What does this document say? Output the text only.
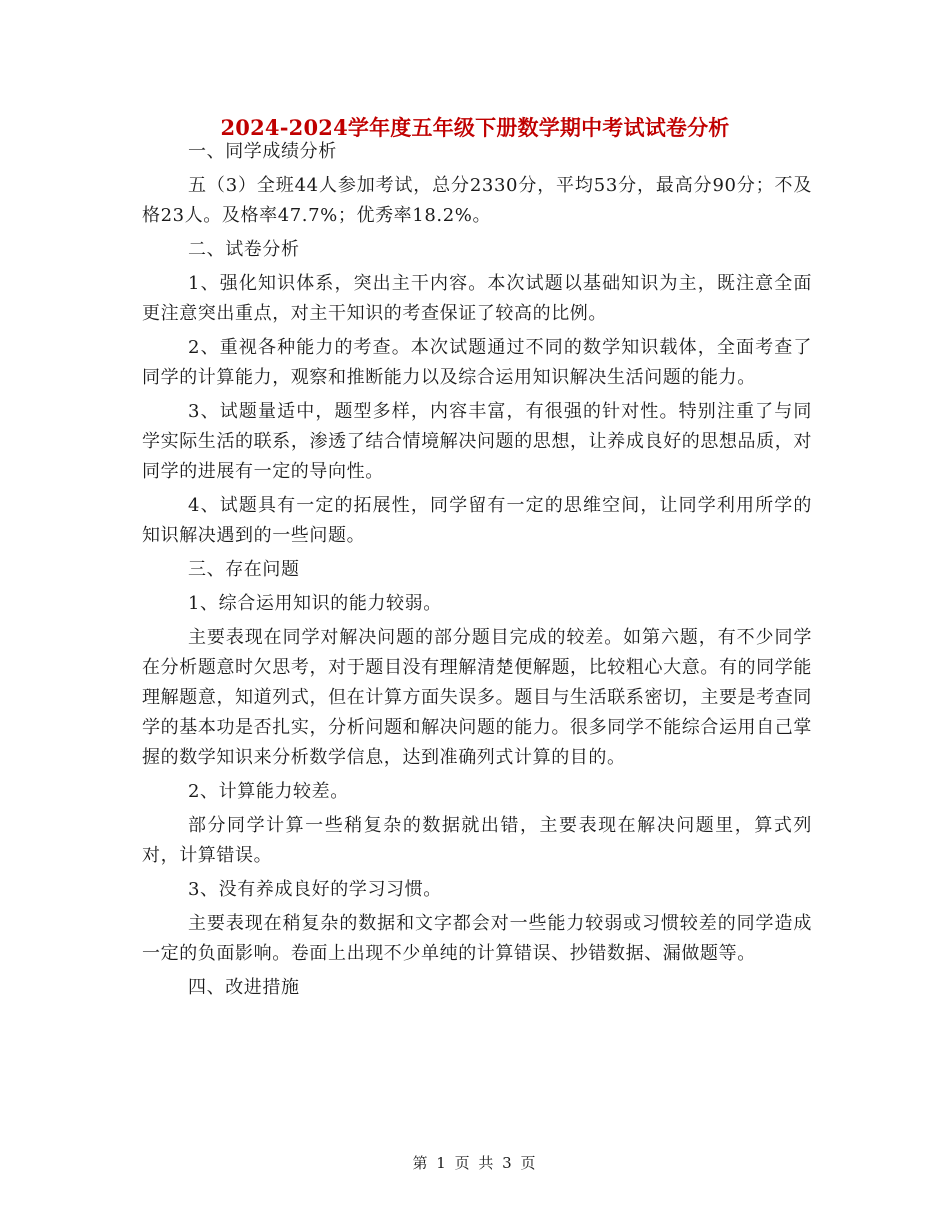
2024-2024学年度五年级下册数学期中考试试卷分析
一、同学成绩分析
五（3）全班44人参加考试，总分2330分，平均53分，最高分90分；不及格23人。及格率47.7%；优秀率18.2%。
二、试卷分析
1、强化知识体系，突出主干内容。本次试题以基础知识为主，既注意全面更注意突出重点，对主干知识的考查保证了较高的比例。
2、重视各种能力的考查。本次试题通过不同的数学知识载体，全面考查了同学的计算能力，观察和推断能力以及综合运用知识解决生活问题的能力。
3、试题量适中，题型多样，内容丰富，有很强的针对性。特别注重了与同学实际生活的联系，渗透了结合情境解决问题的思想，让养成良好的思想品质，对同学的进展有一定的导向性。
4、试题具有一定的拓展性，同学留有一定的思维空间，让同学利用所学的知识解决遇到的一些问题。
三、存在问题
1、综合运用知识的能力较弱。
主要表现在同学对解决问题的部分题目完成的较差。如第六题，有不少同学在分析题意时欠思考，对于题目没有理解清楚便解题，比较粗心大意。有的同学能理解题意，知道列式，但在计算方面失误多。题目与生活联系密切，主要是考查同学的基本功是否扎实，分析问题和解决问题的能力。很多同学不能综合运用自己掌握的数学知识来分析数学信息，达到准确列式计算的目的。
2、计算能力较差。
部分同学计算一些稍复杂的数据就出错，主要表现在解决问题里，算式列对，计算错误。
3、没有养成良好的学习习惯。
主要表现在稍复杂的数据和文字都会对一些能力较弱或习惯较差的同学造成一定的负面影响。卷面上出现不少单纯的计算错误、抄错数据、漏做题等。
四、改进措施
第 1 页 共 3 页
